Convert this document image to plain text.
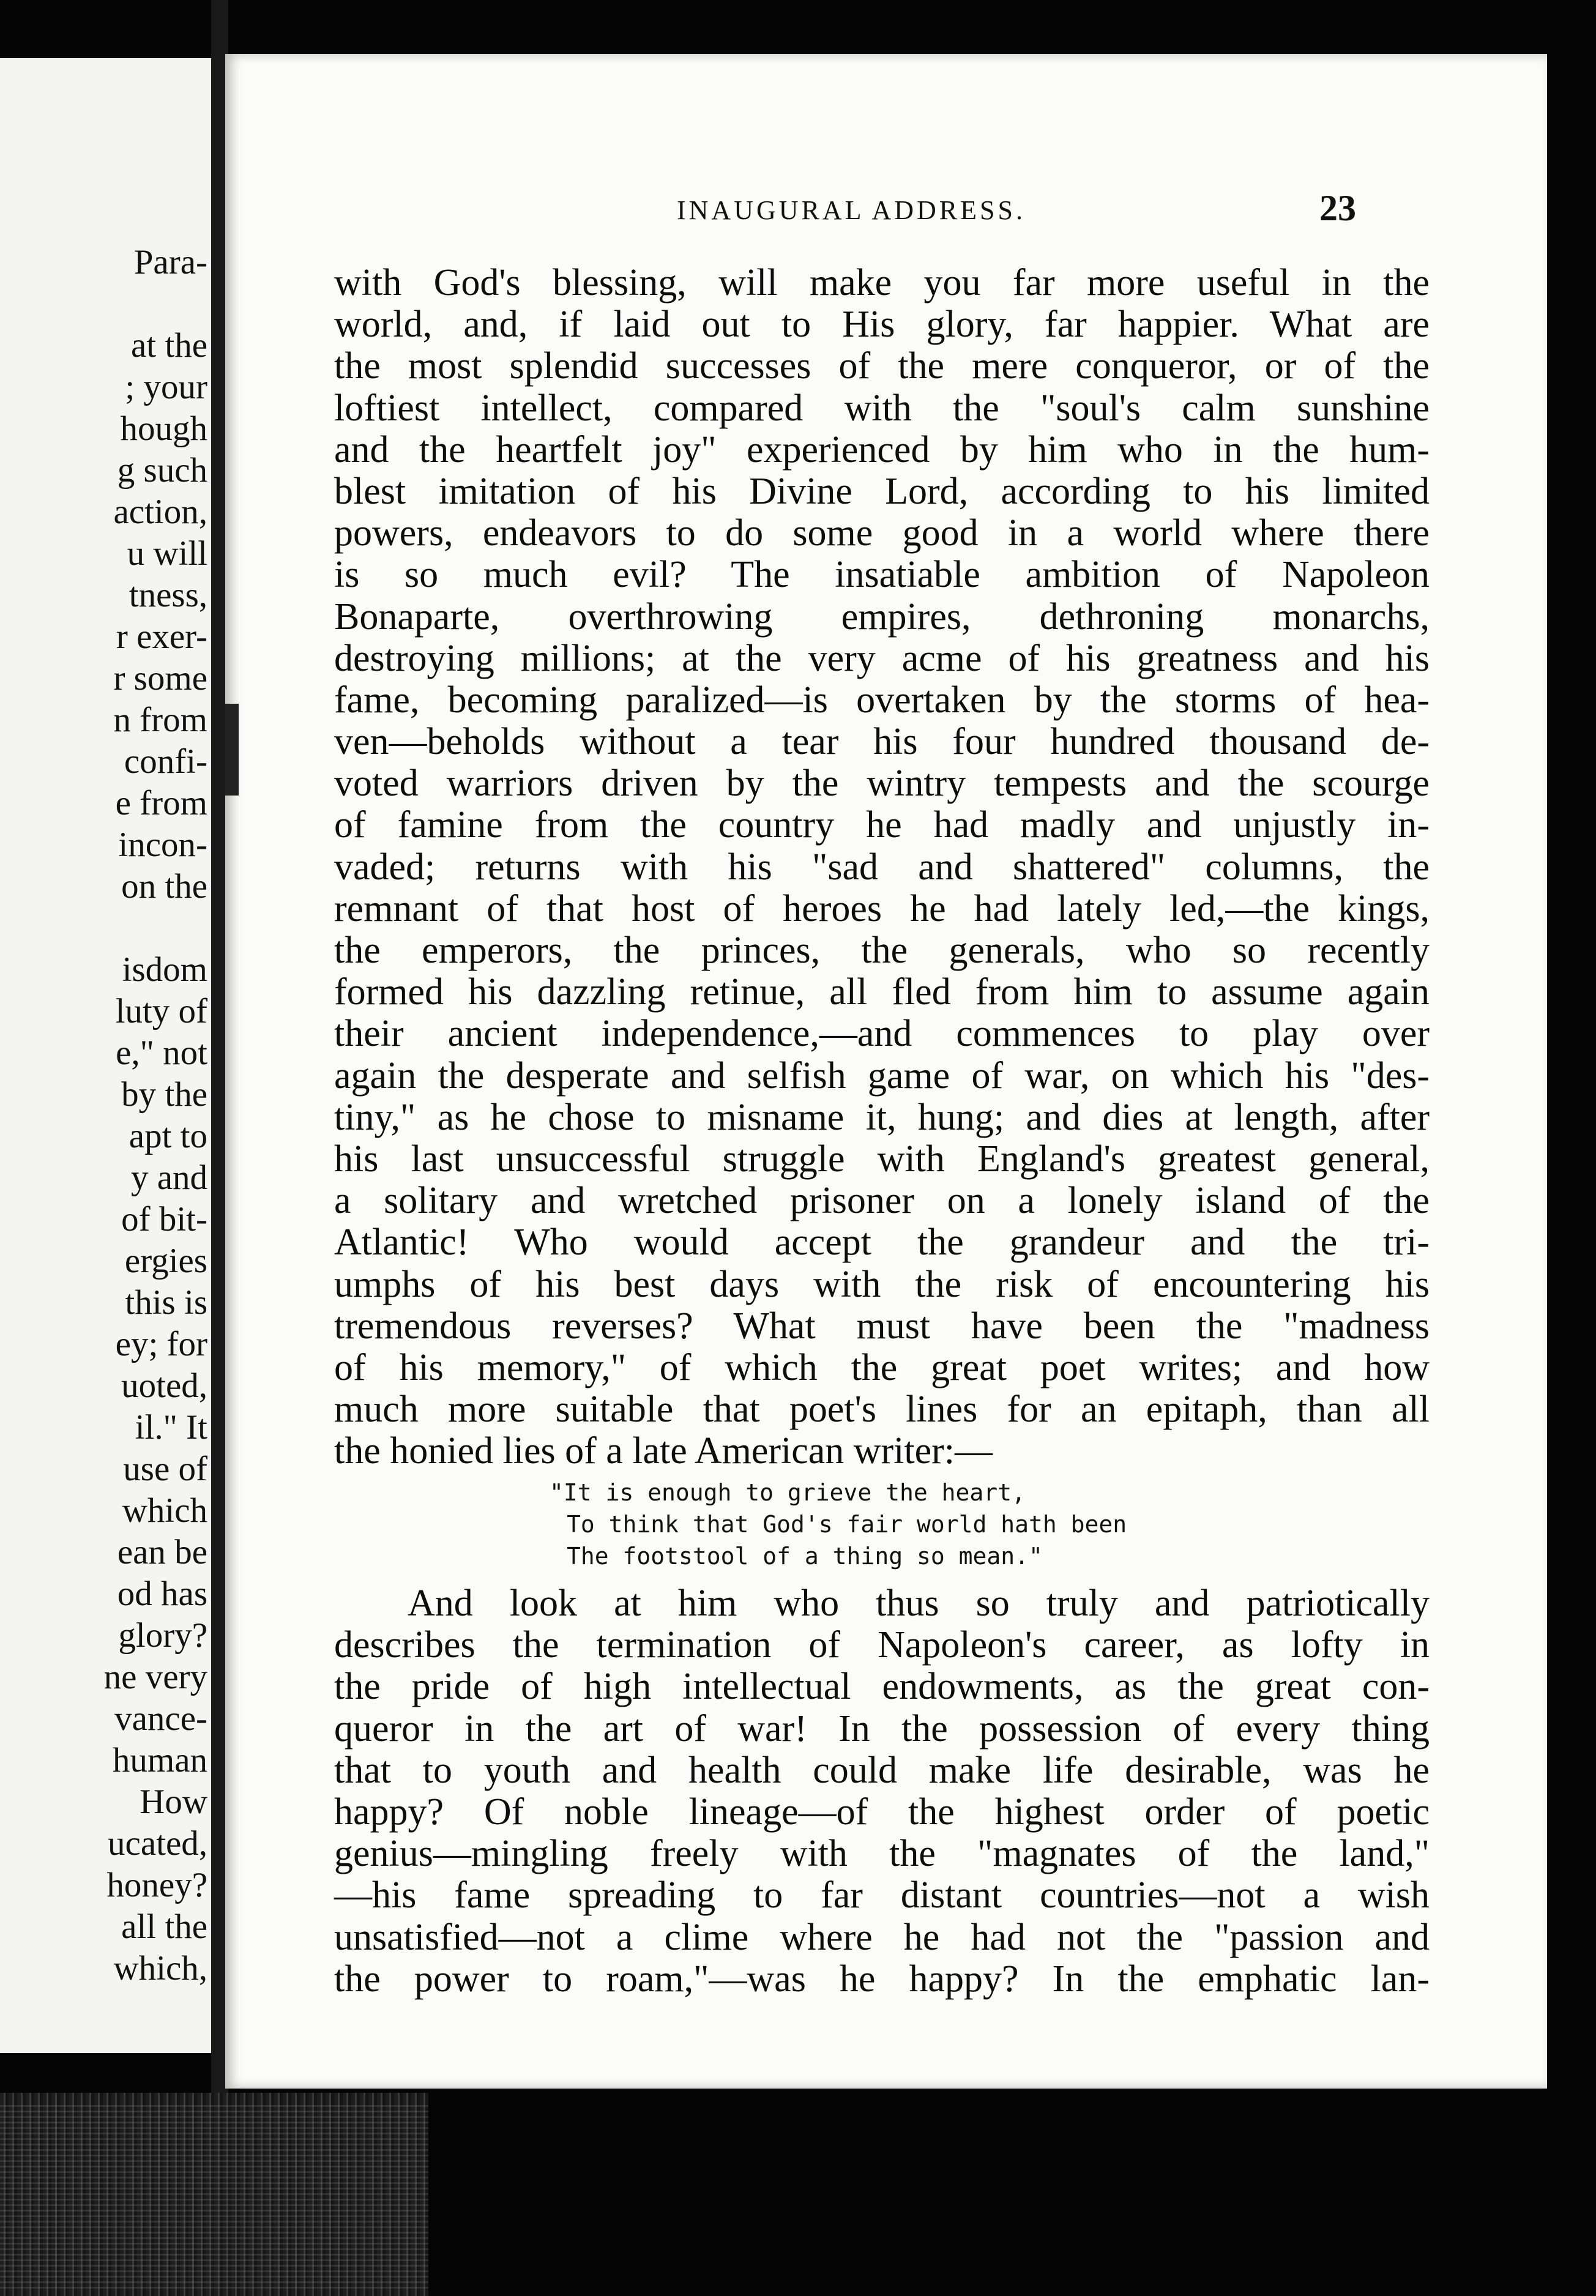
Para-
at the
; your
hough
g such
action,
u will
tness,
r exer-
r some
n from
confi-
e from
incon-
on the
isdom
luty of
e," not
by the
apt to
y and
of bit-
ergies
this is
ey; for
uoted,
il." It
use of
which
ean be
od has
glory?
ne very
vance-
human
How
ucated,
honey?
all the
which,
INAUGURAL ADDRESS.	23
with God's blessing, will make you far more useful in the
world, and, if laid out to His glory, far happier. What are
the most splendid successes of the mere conqueror, or of the
loftiest intellect, compared with the "soul's calm sunshine
and the heartfelt joy" experienced by him who in the hum-
blest imitation of his Divine Lord, according to his limited
powers, endeavors to do some good in a world where there
is so much evil? The insatiable ambition of Napoleon
Bonaparte, overthrowing empires, dethroning monarchs,
destroying millions; at the very acme of his greatness and his
fame, becoming paralized—is overtaken by the storms of hea-
ven—beholds without a tear his four hundred thousand de-
voted warriors driven by the wintry tempests and the scourge
of famine from the country he had madly and unjustly in-
vaded; returns with his "sad and shattered" columns, the
remnant of that host of heroes he had lately led,—the kings,
the emperors, the princes, the generals, who so recently
formed his dazzling retinue, all fled from him to assume again
their ancient independence,—and commences to play over
again the desperate and selfish game of war, on which his "des-
tiny," as he chose to misname it, hung; and dies at length, after
his last unsuccessful struggle with England's greatest general,
a solitary and wretched prisoner on a lonely island of the
Atlantic! Who would accept the grandeur and the tri-
umphs of his best days with the risk of encountering his
tremendous reverses? What must have been the "madness
of his memory," of which the great poet writes; and how
much more suitable that poet's lines for an epitaph, than all
the honied lies of a late American writer:—
"It is enough to grieve the heart,
To think that God's fair world hath been
The footstool of a thing so mean."
And look at him who thus so truly and patriotically
describes the termination of Napoleon's career, as lofty in
the pride of high intellectual endowments, as the great con-
queror in the art of war! In the possession of every thing
that to youth and health could make life desirable, was he
happy? Of noble lineage—of the highest order of poetic
genius—mingling freely with the "magnates of the land,"
—his fame spreading to far distant countries—not a wish
unsatisfied—not a clime where he had not the "passion and
the power to roam,"—was he happy? In the emphatic lan-
